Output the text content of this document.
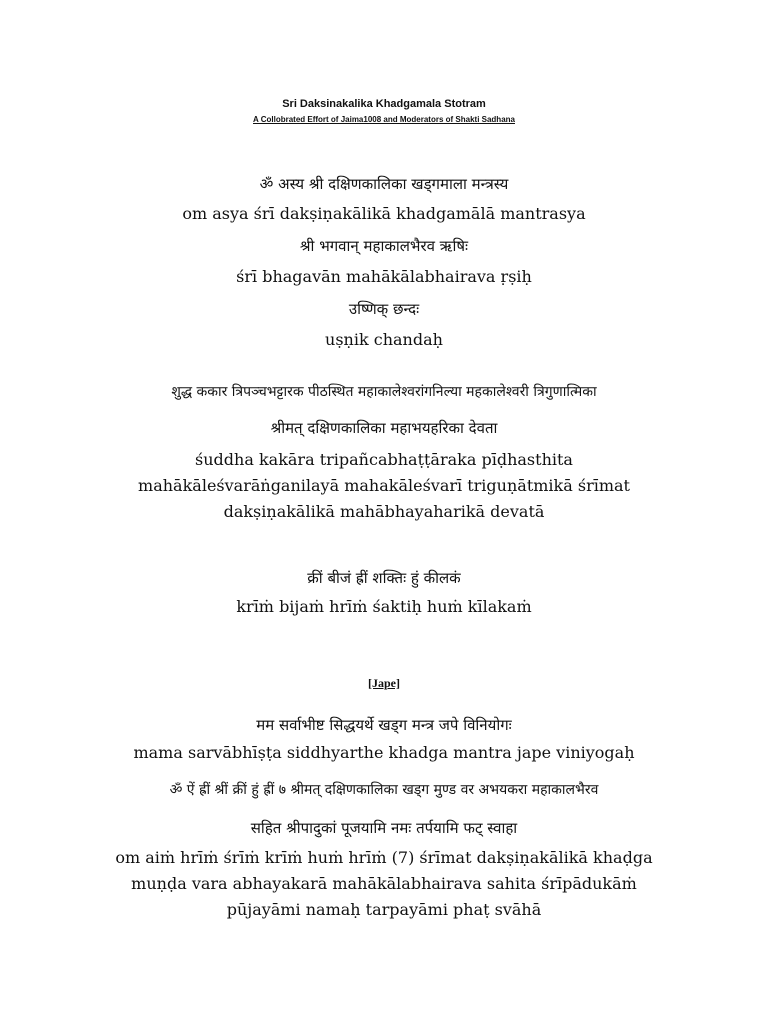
Sri Daksinakalika Khadgamala Stotram
A Collobrated Effort of Jaima1008 and Moderators of Shakti Sadhana
ॐ अस्य श्री दक्षिणकालिका खड्गमाला मन्त्रस्य
om asya śrī dakṣiṇakālikā khadgamālā mantrasya
श्री भगवान् महाकालभैरव ऋषिः
śrī bhagavān mahākālabhairava ṛṣiḥ
उष्णिक् छन्दः
uṣṇik chandaḥ
शुद्ध ककार त्रिपञ्चभट्टारक पीठस्थित महाकालेश्वरांगनिल्या महकालेश्वरी त्रिगुणात्मिका
श्रीमत् दक्षिणकालिका महाभयहरिका देवता
śuddha kakāra tripañcabhaṭṭāraka pīḍhasthita
mahākāleśvarāṅganilayā mahakāleśvarī triguṇātmikā śrīmat
dakṣiṇakālikā mahābhayaharikā devatā
क्रीं बीजं ह्रीं शक्तिः हुं कीलकं
krīṁ bijaṁ hrīṁ śaktiḥ huṁ kīlakaṁ
[Jape]
मम सर्वाभीष्ट सिद्धयर्थे खड्ग मन्त्र जपे विनियोगः
mama sarvābhīṣṭa siddhyarthe khadga mantra jape viniyogaḥ
ॐ ऐं ह्रीं श्रीं क्रीं हुं ह्रीं ७ श्रीमत् दक्षिणकालिका खड्ग मुण्ड वर अभयकरा महाकालभैरव
सहित श्रीपादुकां पूजयामि नमः तर्पयामि फट् स्वाहा
om aiṁ hrīṁ śrīṁ krīṁ huṁ hrīṁ (7) śrīmat dakṣiṇakālikā khaḍga
muṇḍa vara abhayakarā mahākālabhairava sahita śrīpādukāṁ
pūjayāmi namaḥ tarpayāmi phaṭ svāhā
